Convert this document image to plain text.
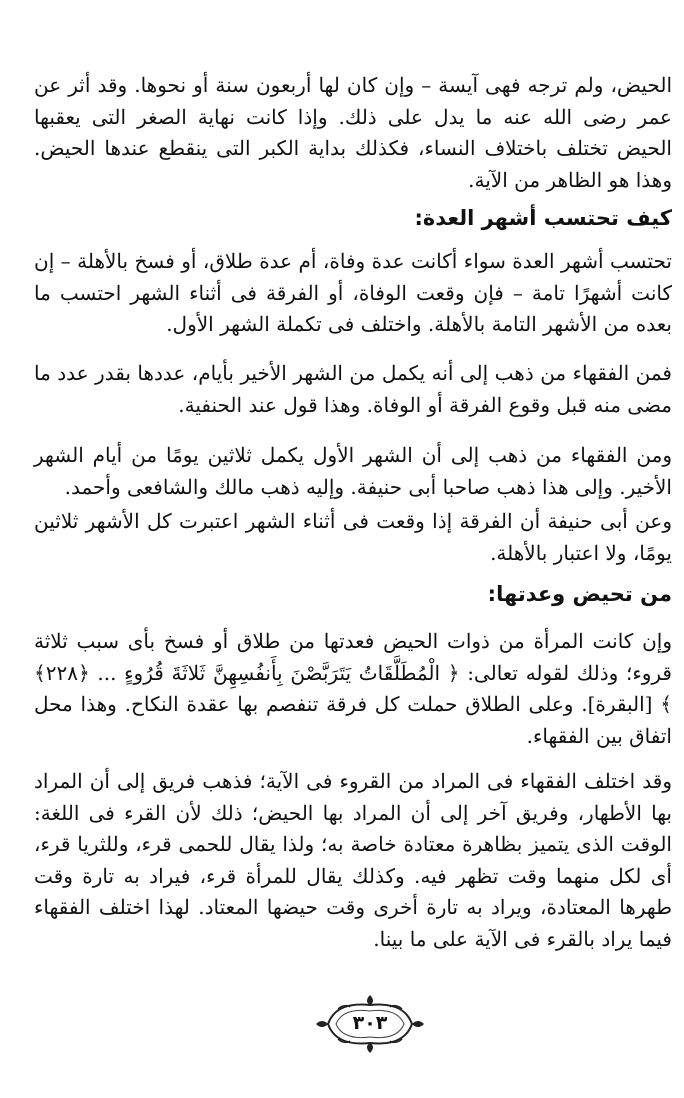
الحيض، ولم ترجه فهى آيسة – وإن كان لها أربعون سنة أو نحوها. وقد أثر عن عمر رضى الله عنه ما يدل على ذلك. وإذا كانت نهاية الصغر التى يعقبها الحيض تختلف باختلاف النساء، فكذلك بداية الكبر التى ينقطع عندها الحيض. وهذا هو الظاهر من الآية.

كيف تحتسب أشهر العدة:

تحتسب أشهر العدة سواء أكانت عدة وفاة، أم عدة طلاق، أو فسخ بالأهلة – إن كانت أشهرًا تامة – فإن وقعت الوفاة، أو الفرقة فى أثناء الشهر احتسب ما بعده من الأشهر التامة بالأهلة. واختلف فى تكملة الشهر الأول.

فمن الفقهاء من ذهب إلى أنه يكمل من الشهر الأخير بأيام، عددها بقدر عدد ما مضى منه قبل وقوع الفرقة أو الوفاة. وهذا قول عند الحنفية.

ومن الفقهاء من ذهب إلى أن الشهر الأول يكمل ثلاثين يومًا من أيام الشهر الأخير. وإلى هذا ذهب صاحبا أبى حنيفة. وإليه ذهب مالك والشافعى وأحمد.

وعن أبى حنيفة أن الفرقة إذا وقعت فى أثناء الشهر اعتبرت كل الأشهر ثلاثين يومًا، ولا اعتبار بالأهلة.

من تحيض وعدتها:

وإن كانت المرأة من ذوات الحيض فعدتها من طلاق أو فسخ بأى سبب ثلاثة قروء؛ وذلك لقوله تعالى: ﴿ الْمُطَلَّقَاتُ يَتَرَبَّصْنَ بِأَنفُسِهِنَّ ثَلاثَةَ قُرُوءٍ ... ﴿٢٢٨﴾ ﴾ [البقرة]. وعلى الطلاق حملت كل فرقة تنفصم بها عقدة النكاح. وهذا محل اتفاق بين الفقهاء.

وقد اختلف الفقهاء فى المراد من القروء فى الآية؛ فذهب فريق إلى أن المراد بها الأطهار، وفريق آخر إلى أن المراد بها الحيض؛ ذلك لأن القرء فى اللغة: الوقت الذى يتميز بظاهرة معتادة خاصة به؛ ولذا يقال للحمى قرء، وللثريا قرء، أى لكل منهما وقت تظهر فيه. وكذلك يقال للمرأة قرء، فيراد به تارة وقت طهرها المعتادة، ويراد به تارة أخرى وقت حيضها المعتاد. لهذا اختلف الفقهاء فيما يراد بالقرء فى الآية على ما بينا.

٣٠٣
